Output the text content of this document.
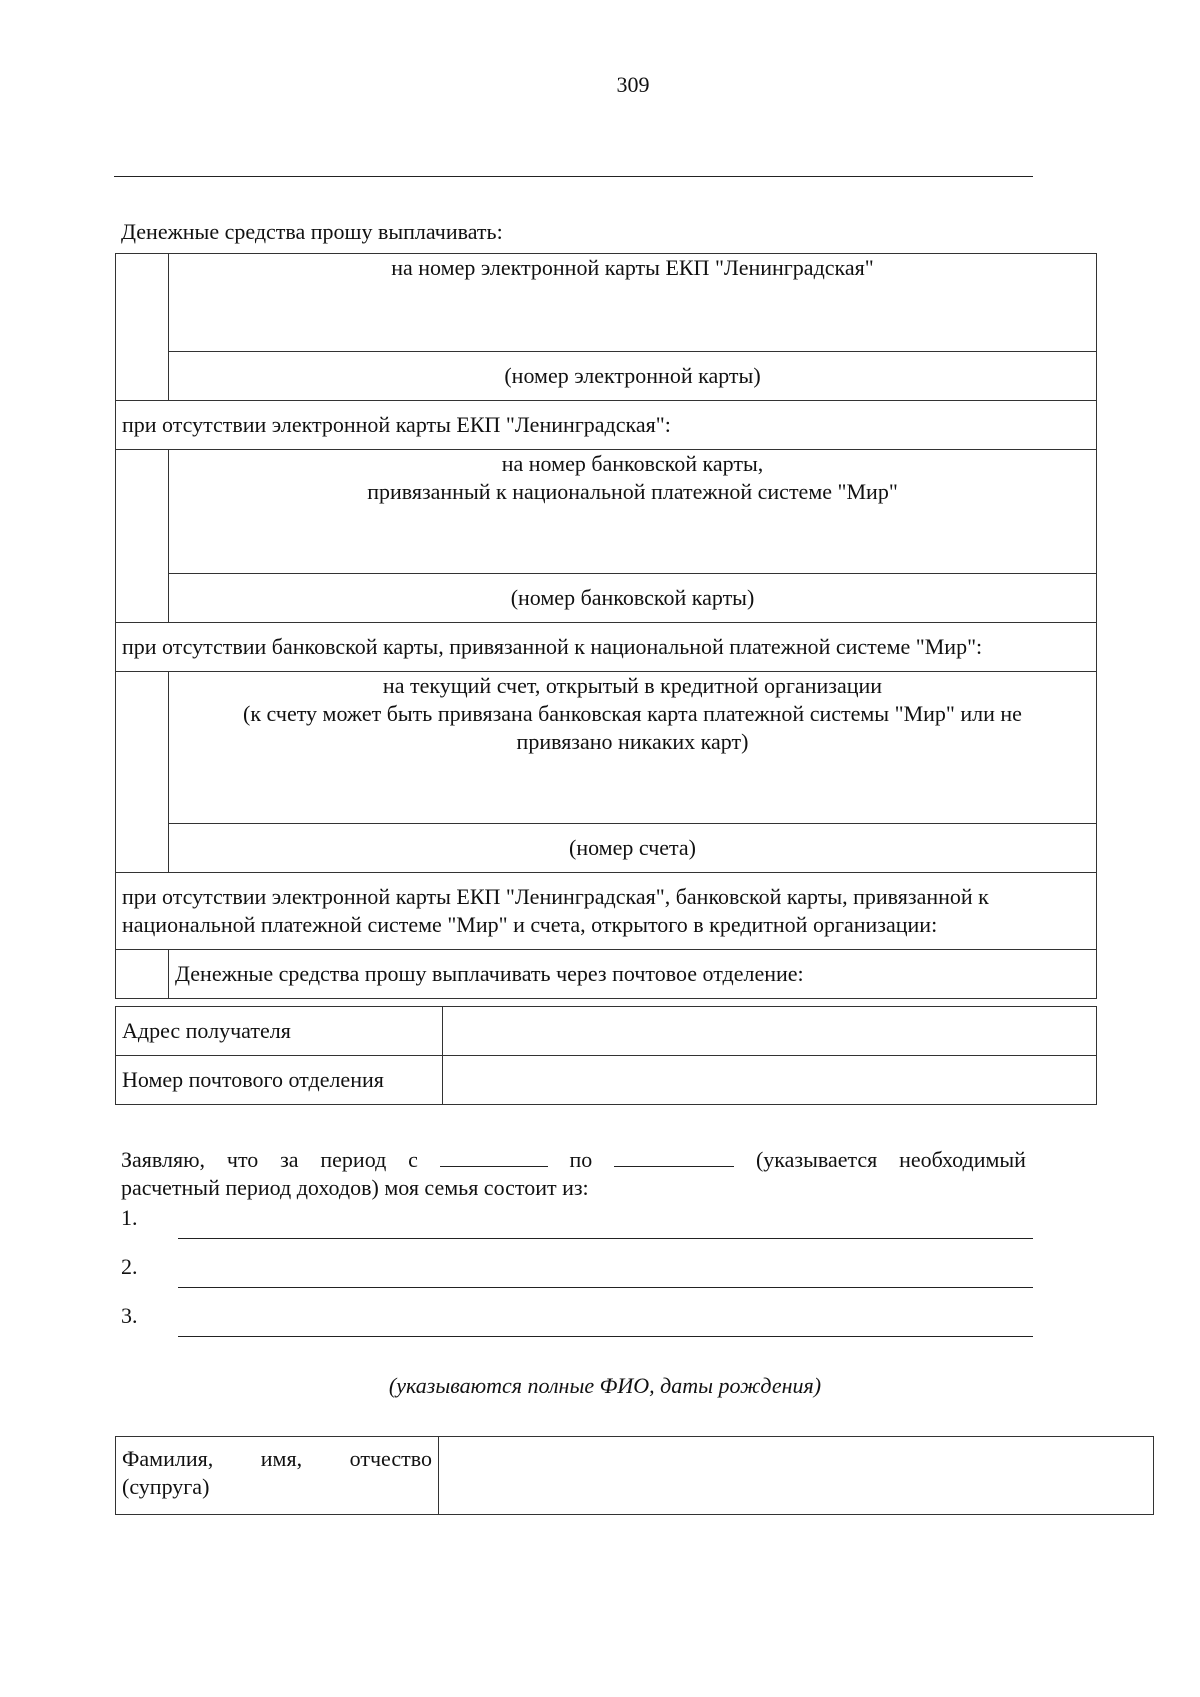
309
Денежные средства прошу выплачивать:
	на номер электронной карты ЕКП "Ленинградская"
	(номер электронной карты)
при отсутствии электронной карты ЕКП "Ленинградская":	

	на номер банковской карты,
привязанный к национальной платежной системе "Мир"

	(номер банковской карты)
при отсутствии банковской карты, привязанной к национальной платежной системе "Мир":	

	на текущий счет, открытый в кредитной организации
(к счету может быть привязана банковская карта платежной системы "Мир" или не
привязано никаких карт)

	(номер счета)

при отсутствии электронной карты ЕКП "Ленинградская", банковской карты, привязанной к
национальной платежной системе "Мир" и счета, открытого в кредитной организации:	

	Денежные средства прошу выплачивать через почтовое отделение:
Адрес получателя	
Номер почтового отделения	
Заявляю, что за период с	по	(указывается необходимый
расчетный период доходов) моя семья состоит из:
1.
2.
3.
(указываются полные ФИО, даты рождения)
Фамилия, имя, отчество
(супруга)
